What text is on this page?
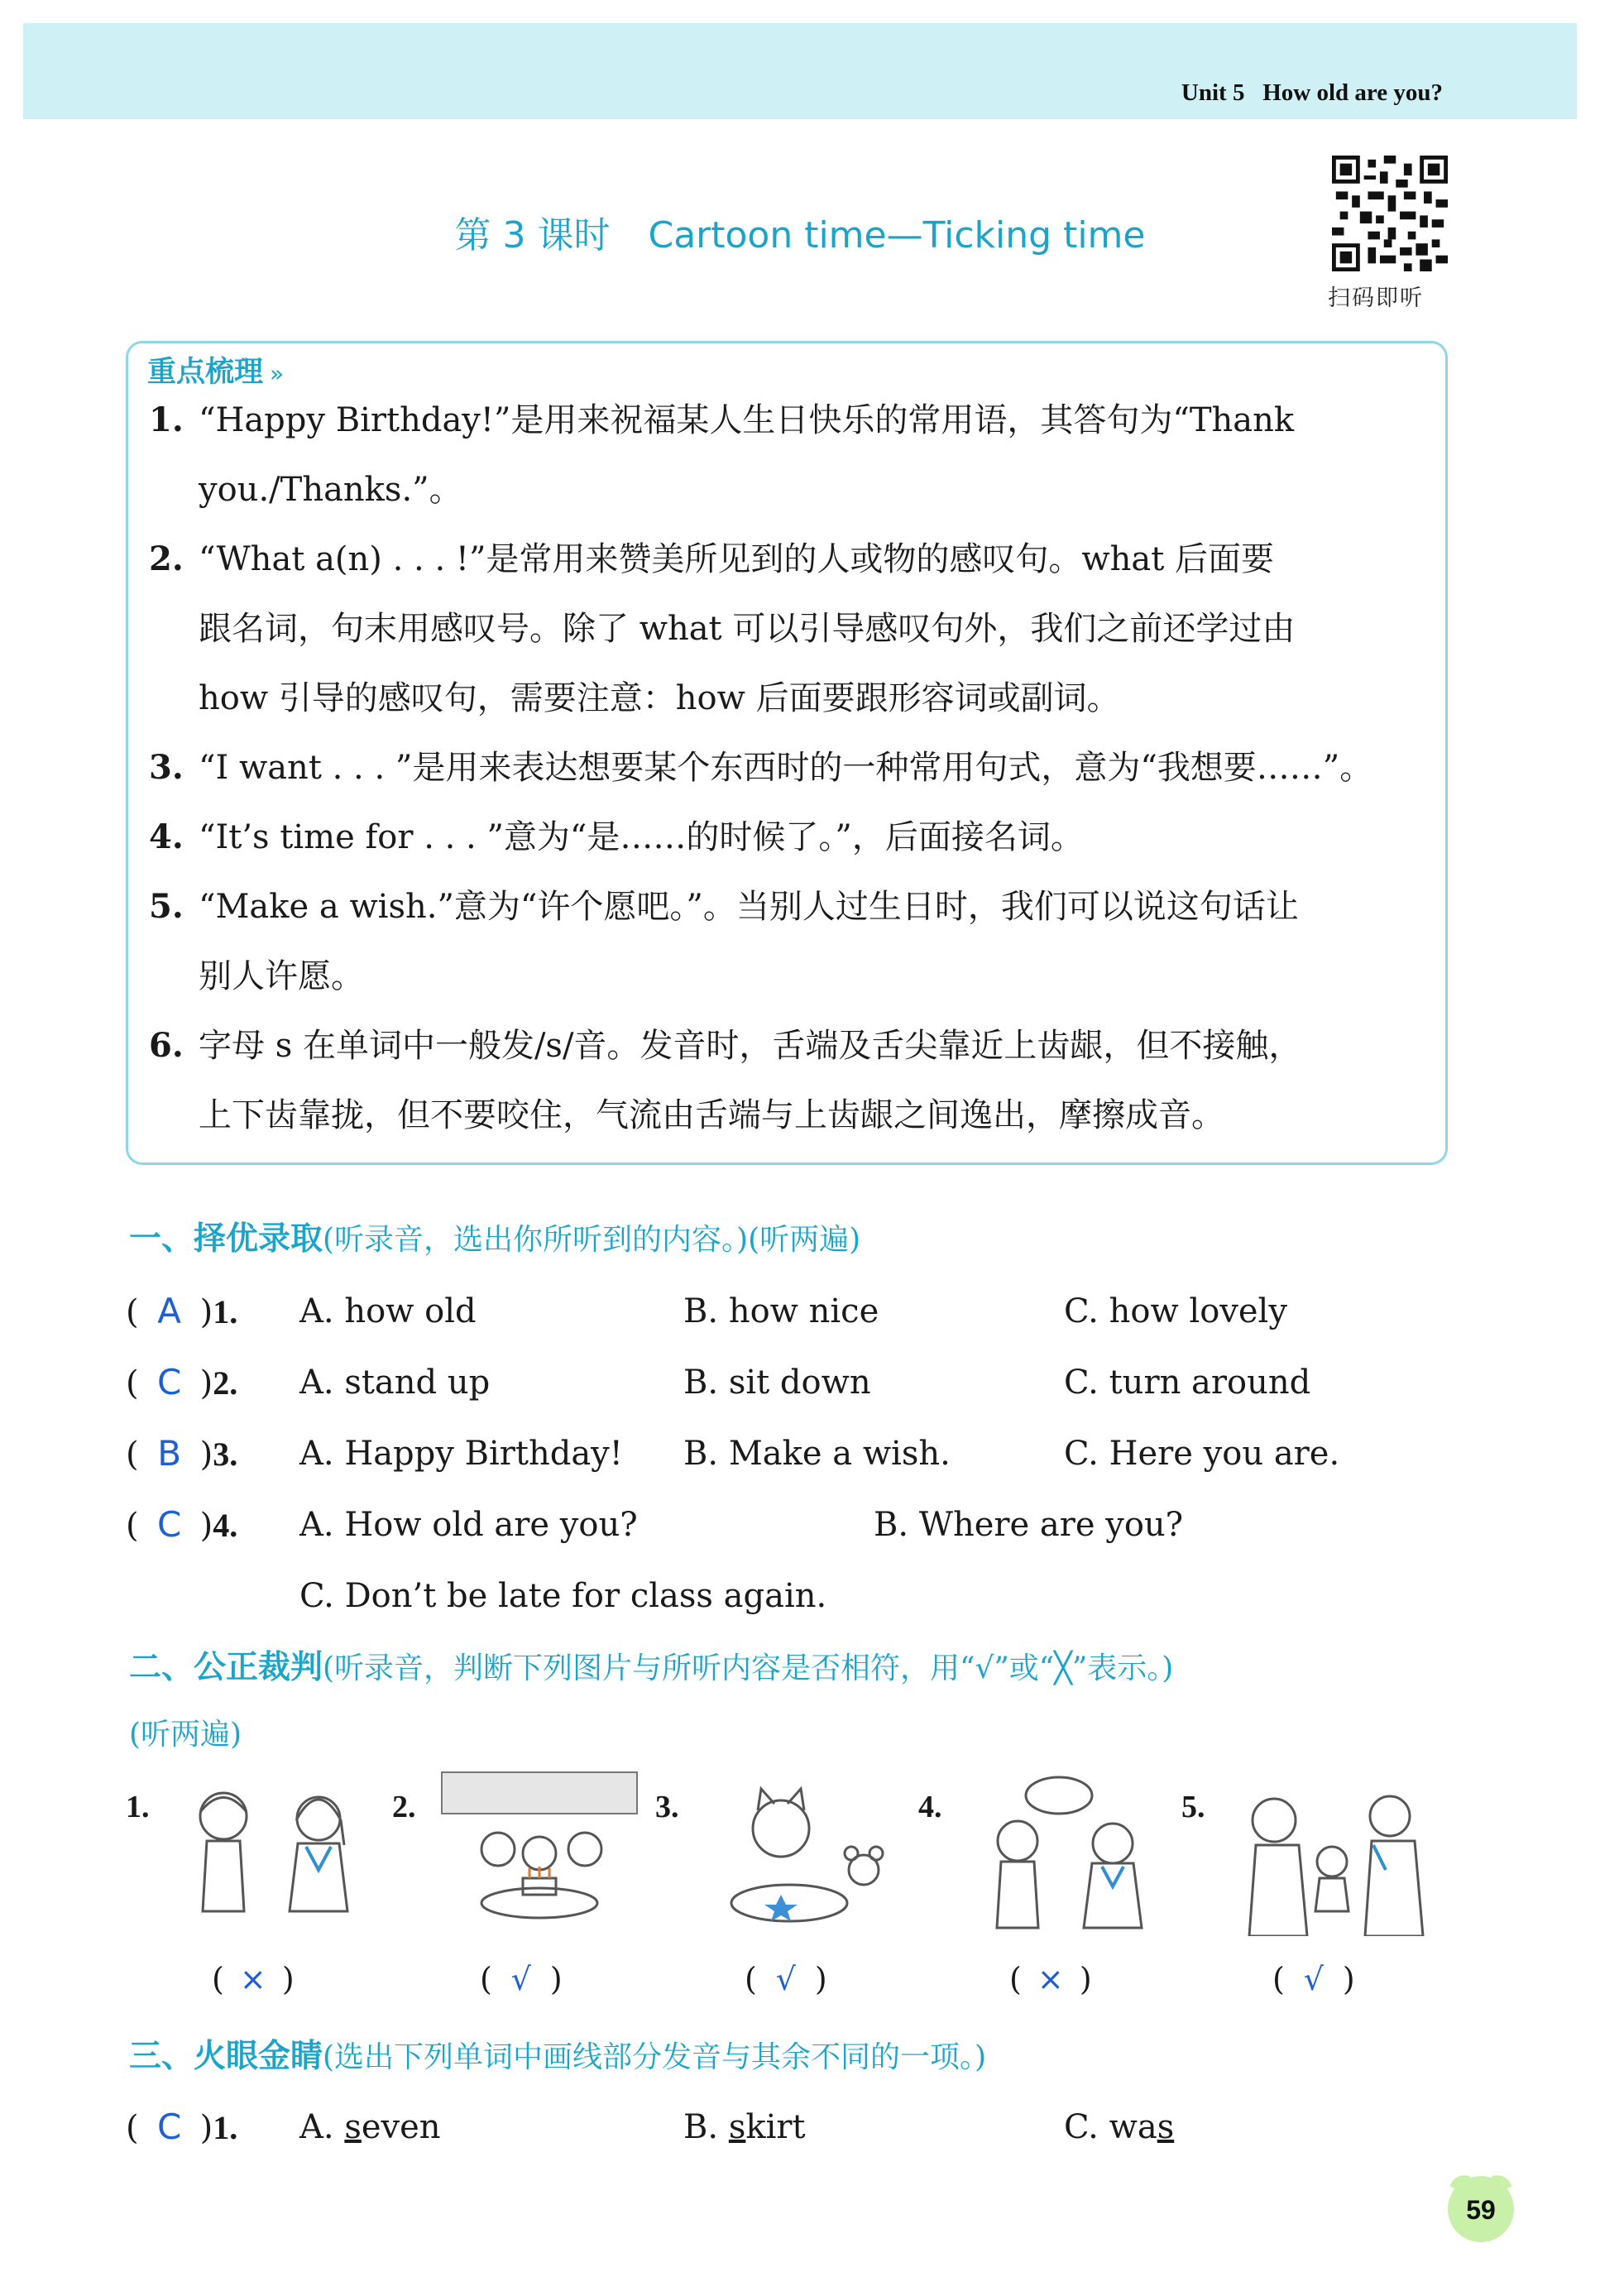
Unit 5 How old are you?
第 3 课时 Cartoon time—Ticking time
扫码即听
重点梳理 »
1. “Happy Birthday!”是用来祝福某人生日快乐的常用语，其答句为“Thank
you./Thanks.”。
2. “What a(n) . . . !”是常用来赞美所见到的人或物的感叹句。what 后面要
跟名词，句末用感叹号。除了 what 可以引导感叹句外，我们之前还学过由
how 引导的感叹句，需要注意：how 后面要跟形容词或副词。
3. “I want . . . ”是用来表达想要某个东西时的一种常用句式，意为“我想要……”。
4. “It’s time for . . . ”意为“是……的时候了。”，后面接名词。
5. “Make a wish.”意为“许个愿吧。”。当别人过生日时，我们可以说这句话让
别人许愿。
6. 字母 s 在单词中一般发/s/音。发音时，舌端及舌尖靠近上齿龈，但不接触，
上下齿靠拢，但不要咬住，气流由舌端与上齿龈之间逸出，摩擦成音。
一、择优录取(听录音，选出你所听到的内容。)(听两遍)
( A )1. A. how old	B. how nice	C. how lovely
( C )2. A. stand up	B. sit down	C. turn around
( B )3. A. Happy Birthday! B. Make a wish.	C. Here you are.
( C )4. A. How old are you?	B. Where are you?
C. Don’t be late for class again.
二、公正裁判(听录音，判断下列图片与所听内容是否相符，用“√”或“╳”表示。)
(听两遍)
1.
( × )
2.
( √ )
3.
( √ )
4.
( × )
5.
( √ )
三、火眼金睛(选出下列单词中画线部分发音与其余不同的一项。)
( C )1. A. seven	B. skirt	C. was
59
